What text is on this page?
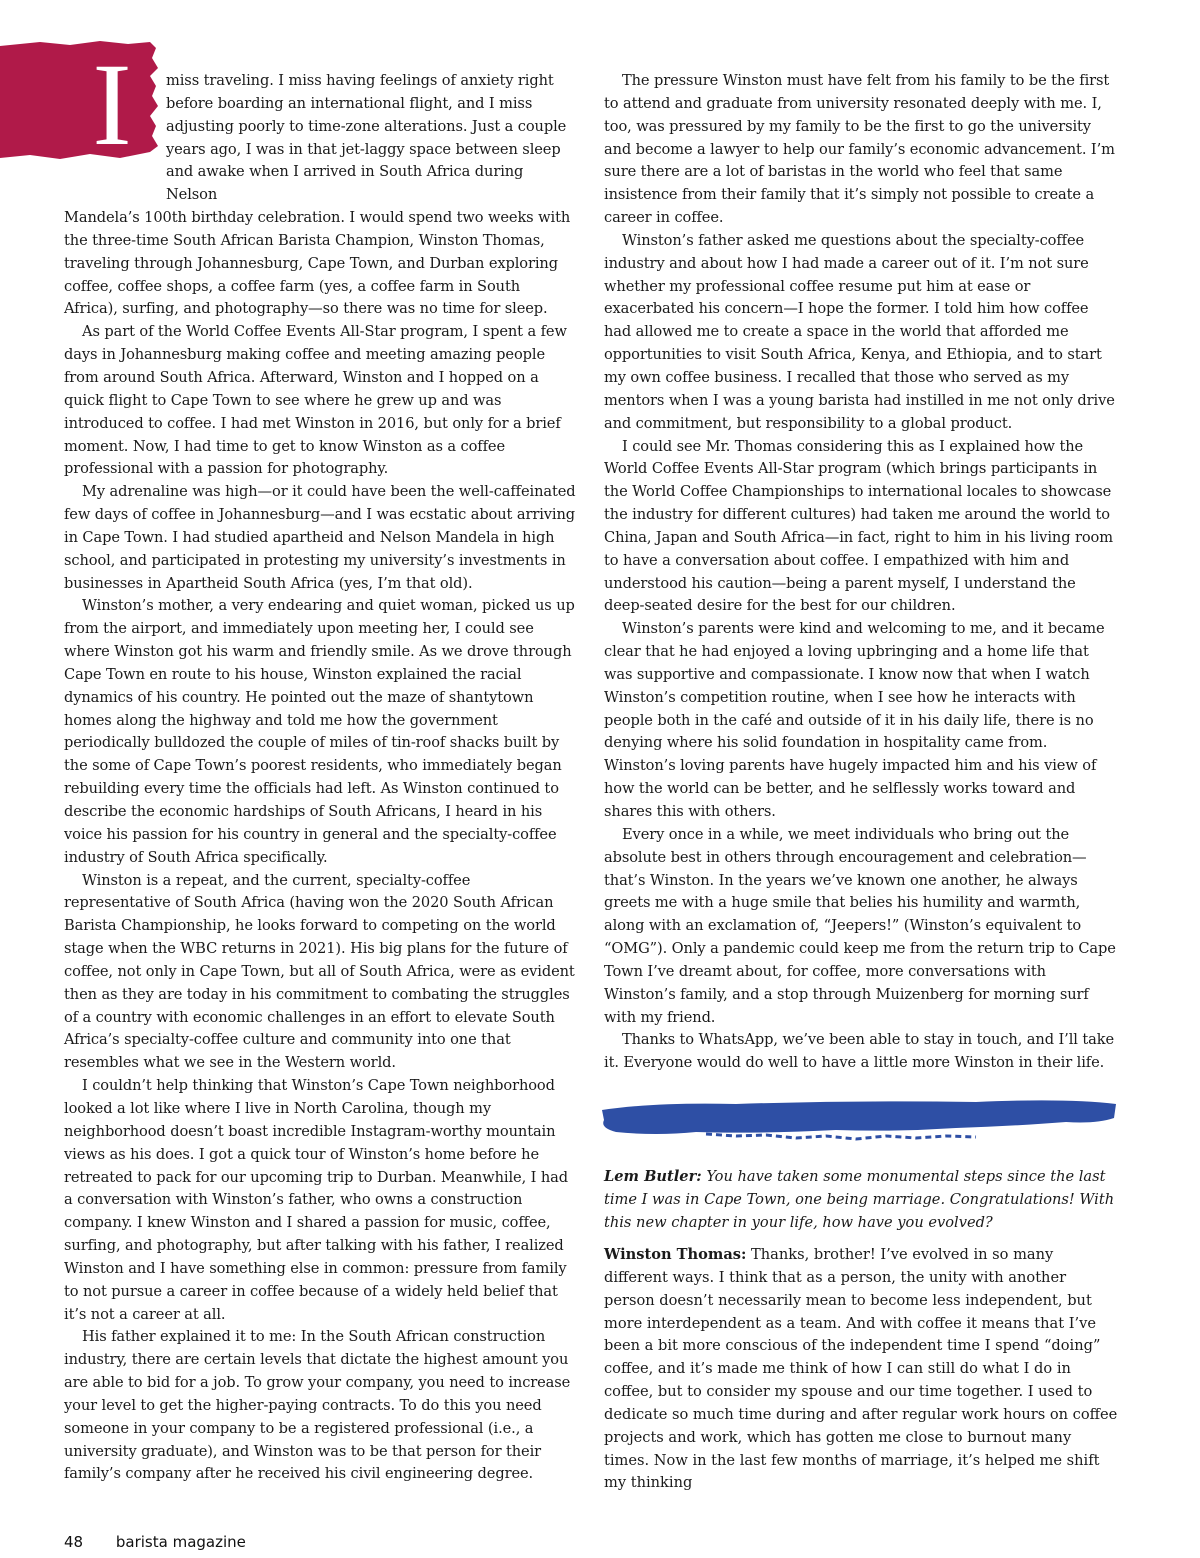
I	miss traveling. I miss having feelings of anxiety right
before boarding an international flight, and I miss
adjusting poorly to time-zone alterations. Just a couple
years ago, I was in that jet-laggy space between sleep
and awake when I arrived in South Africa during Nelson

Mandela’s 100th birthday celebration. I would spend two weeks with the three-time South African Barista Champion, Winston Thomas, traveling through Johannesburg, Cape Town, and Durban exploring coffee, coffee shops, a coffee farm (yes, a coffee farm in South Africa), surfing, and photography—so there was no time for sleep.

As part of the World Coffee Events All-Star program, I spent a few days in Johannesburg making coffee and meeting amazing people from around South Africa. Afterward, Winston and I hopped on a quick flight to Cape Town to see where he grew up and was introduced to coffee. I had met Winston in 2016, but only for a brief moment. Now, I had time to get to know Winston as a coffee professional with a passion for photography.

My adrenaline was high—or it could have been the well-caffeinated few days of coffee in Johannesburg—and I was ecstatic about arriving in Cape Town. I had studied apartheid and Nelson Mandela in high school, and participated in protesting my university’s investments in businesses in Apartheid South Africa (yes, I’m that old).

Winston’s mother, a very endearing and quiet woman, picked us up from the airport, and immediately upon meeting her, I could see where Winston got his warm and friendly smile. As we drove through Cape Town en route to his house, Winston explained the racial dynamics of his country. He pointed out the maze of shantytown homes along the highway and told me how the government periodically bulldozed the couple of miles of tin-roof shacks built by the some of Cape Town’s poorest residents, who immediately began rebuilding every time the officials had left. As Winston continued to describe the economic hardships of South Africans, I heard in his voice his passion for his country in general and the specialty-coffee industry of South Africa specifically.

Winston is a repeat, and the current, specialty-coffee representative of South Africa (having won the 2020 South African Barista Championship, he looks forward to competing on the world stage when the WBC returns in 2021). His big plans for the future of coffee, not only in Cape Town, but all of South Africa, were as evident then as they are today in his commitment to combating the struggles of a country with economic challenges in an effort to elevate South Africa’s specialty-coffee culture and community into one that resembles what we see in the Western world.

I couldn’t help thinking that Winston’s Cape Town neighborhood looked a lot like where I live in North Carolina, though my neighborhood doesn’t boast incredible Instagram-worthy mountain views as his does. I got a quick tour of Winston’s home before he retreated to pack for our upcoming trip to Durban. Meanwhile, I had a conversation with Winston’s father, who owns a construction company. I knew Winston and I shared a passion for music, coffee, surfing, and photography, but after talking with his father, I realized Winston and I have something else in common: pressure from family to not pursue a career in coffee because of a widely held belief that it’s not a career at all.

His father explained it to me: In the South African construction industry, there are certain levels that dictate the highest amount you are able to bid for a job. To grow your company, you need to increase your level to get the higher-paying contracts. To do this you need someone in your company to be a registered professional (i.e., a university graduate), and Winston was to be that person for their family’s company after he received his civil engineering degree.

The pressure Winston must have felt from his family to be the first to attend and graduate from university resonated deeply with me. I, too, was pressured by my family to be the first to go the university and become a lawyer to help our family’s economic advancement. I’m sure there are a lot of baristas in the world who feel that same insistence from their family that it’s simply not possible to create a career in coffee.

Winston’s father asked me questions about the specialty-coffee industry and about how I had made a career out of it. I’m not sure whether my professional coffee resume put him at ease or exacerbated his concern—I hope the former. I told him how coffee had allowed me to create a space in the world that afforded me opportunities to visit South Africa, Kenya, and Ethiopia, and to start my own coffee business. I recalled that those who served as my mentors when I was a young barista had instilled in me not only drive and commitment, but responsibility to a global product.

I could see Mr. Thomas considering this as I explained how the World Coffee Events All-Star program (which brings participants in the World Coffee Championships to international locales to showcase the industry for different cultures) had taken me around the world to China, Japan and South Africa—in fact, right to him in his living room to have a conversation about coffee. I empathized with him and understood his caution—being a parent myself, I understand the deep-seated desire for the best for our children.

Winston’s parents were kind and welcoming to me, and it became clear that he had enjoyed a loving upbringing and a home life that was supportive and compassionate. I know now that when I watch Winston’s competition routine, when I see how he interacts with people both in the café and outside of it in his daily life, there is no denying where his solid foundation in hospitality came from. Winston’s loving parents have hugely impacted him and his view of how the world can be better, and he selflessly works toward and shares this with others.

Every once in a while, we meet individuals who bring out the absolute best in others through encouragement and celebration—that’s Winston. In the years we’ve known one another, he always greets me with a huge smile that belies his humility and warmth, along with an exclamation of, “Jeepers!” (Winston’s equivalent to “OMG”). Only a pandemic could keep me from the return trip to Cape Town I’ve dreamt about, for coffee, more conversations with Winston’s family, and a stop through Muizenberg for morning surf with my friend.

Thanks to WhatsApp, we’ve been able to stay in touch, and I’ll take it. Everyone would do well to have a little more Winston in their life.

Lem Butler: You have taken some monumental steps since the last time I was in Cape Town, one being marriage. Congratulations! With this new chapter in your life, how have you evolved?
Winston Thomas: Thanks, brother! I’ve evolved in so many different ways. I think that as a person, the unity with another person doesn’t necessarily mean to become less independent, but more interdependent as a team. And with coffee it means that I’ve been a bit more conscious of the independent time I spend “doing” coffee, and it’s made me think of how I can still do what I do in coffee, but to consider my spouse and our time together. I used to dedicate so much time during and after regular work hours on coffee projects and work, which has gotten me close to burnout many times. Now in the last few months of marriage, it’s helped me shift my thinking
48 barista magazine
